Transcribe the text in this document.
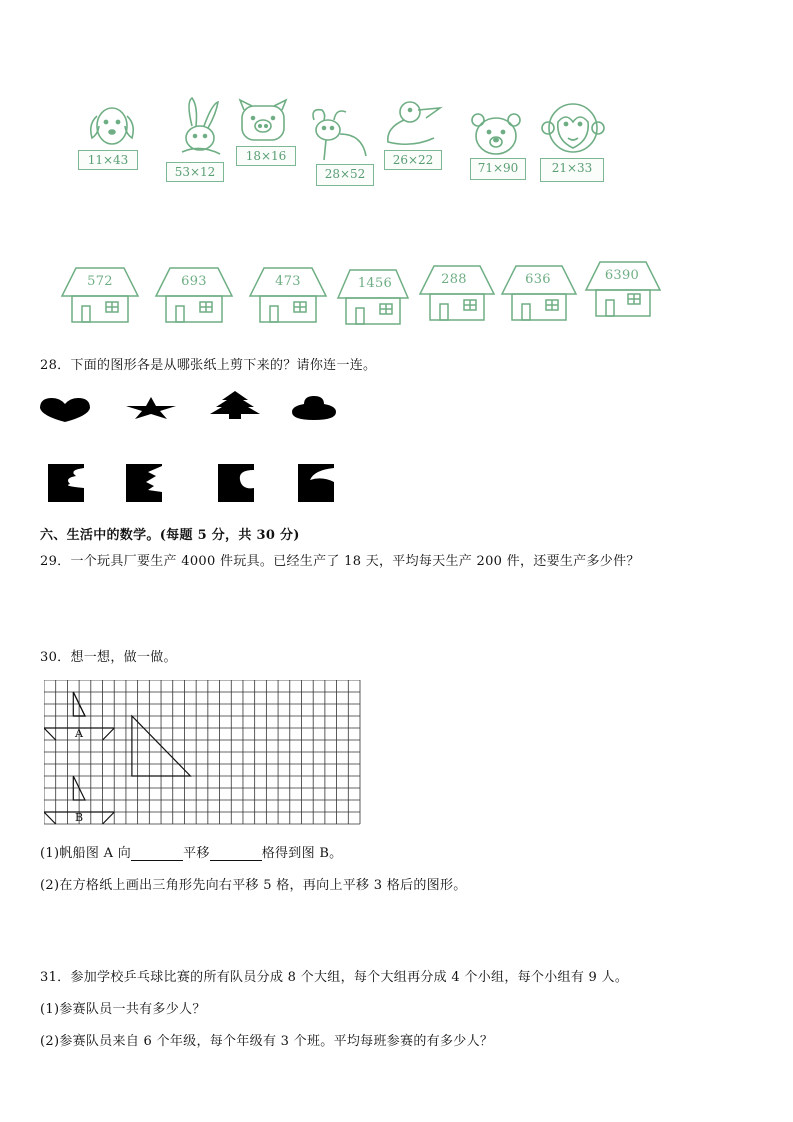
11×43
53×12
18×16
28×52
26×22
71×90	21×33
572	693	473	1456	288	636	6390
28．下面的图形各是从哪张纸上剪下来的？请你连一连。
六、生活中的数学。(每题 5 分，共 30 分)
29．一个玩具厂要生产 4000 件玩具。已经生产了 18 天，平均每天生产 200 件，还要生产多少件？
30．想一想，做一做。
A
B
(1)帆船图 A 向	平移	格得到图 B。
(2)在方格纸上画出三角形先向右平移 5 格，再向上平移 3 格后的图形。
31．参加学校乒乓球比赛的所有队员分成 8 个大组，每个大组再分成 4 个小组，每个小组有 9 人。
(1)参赛队员一共有多少人？
(2)参赛队员来自 6 个年级，每个年级有 3 个班。平均每班参赛的有多少人？
